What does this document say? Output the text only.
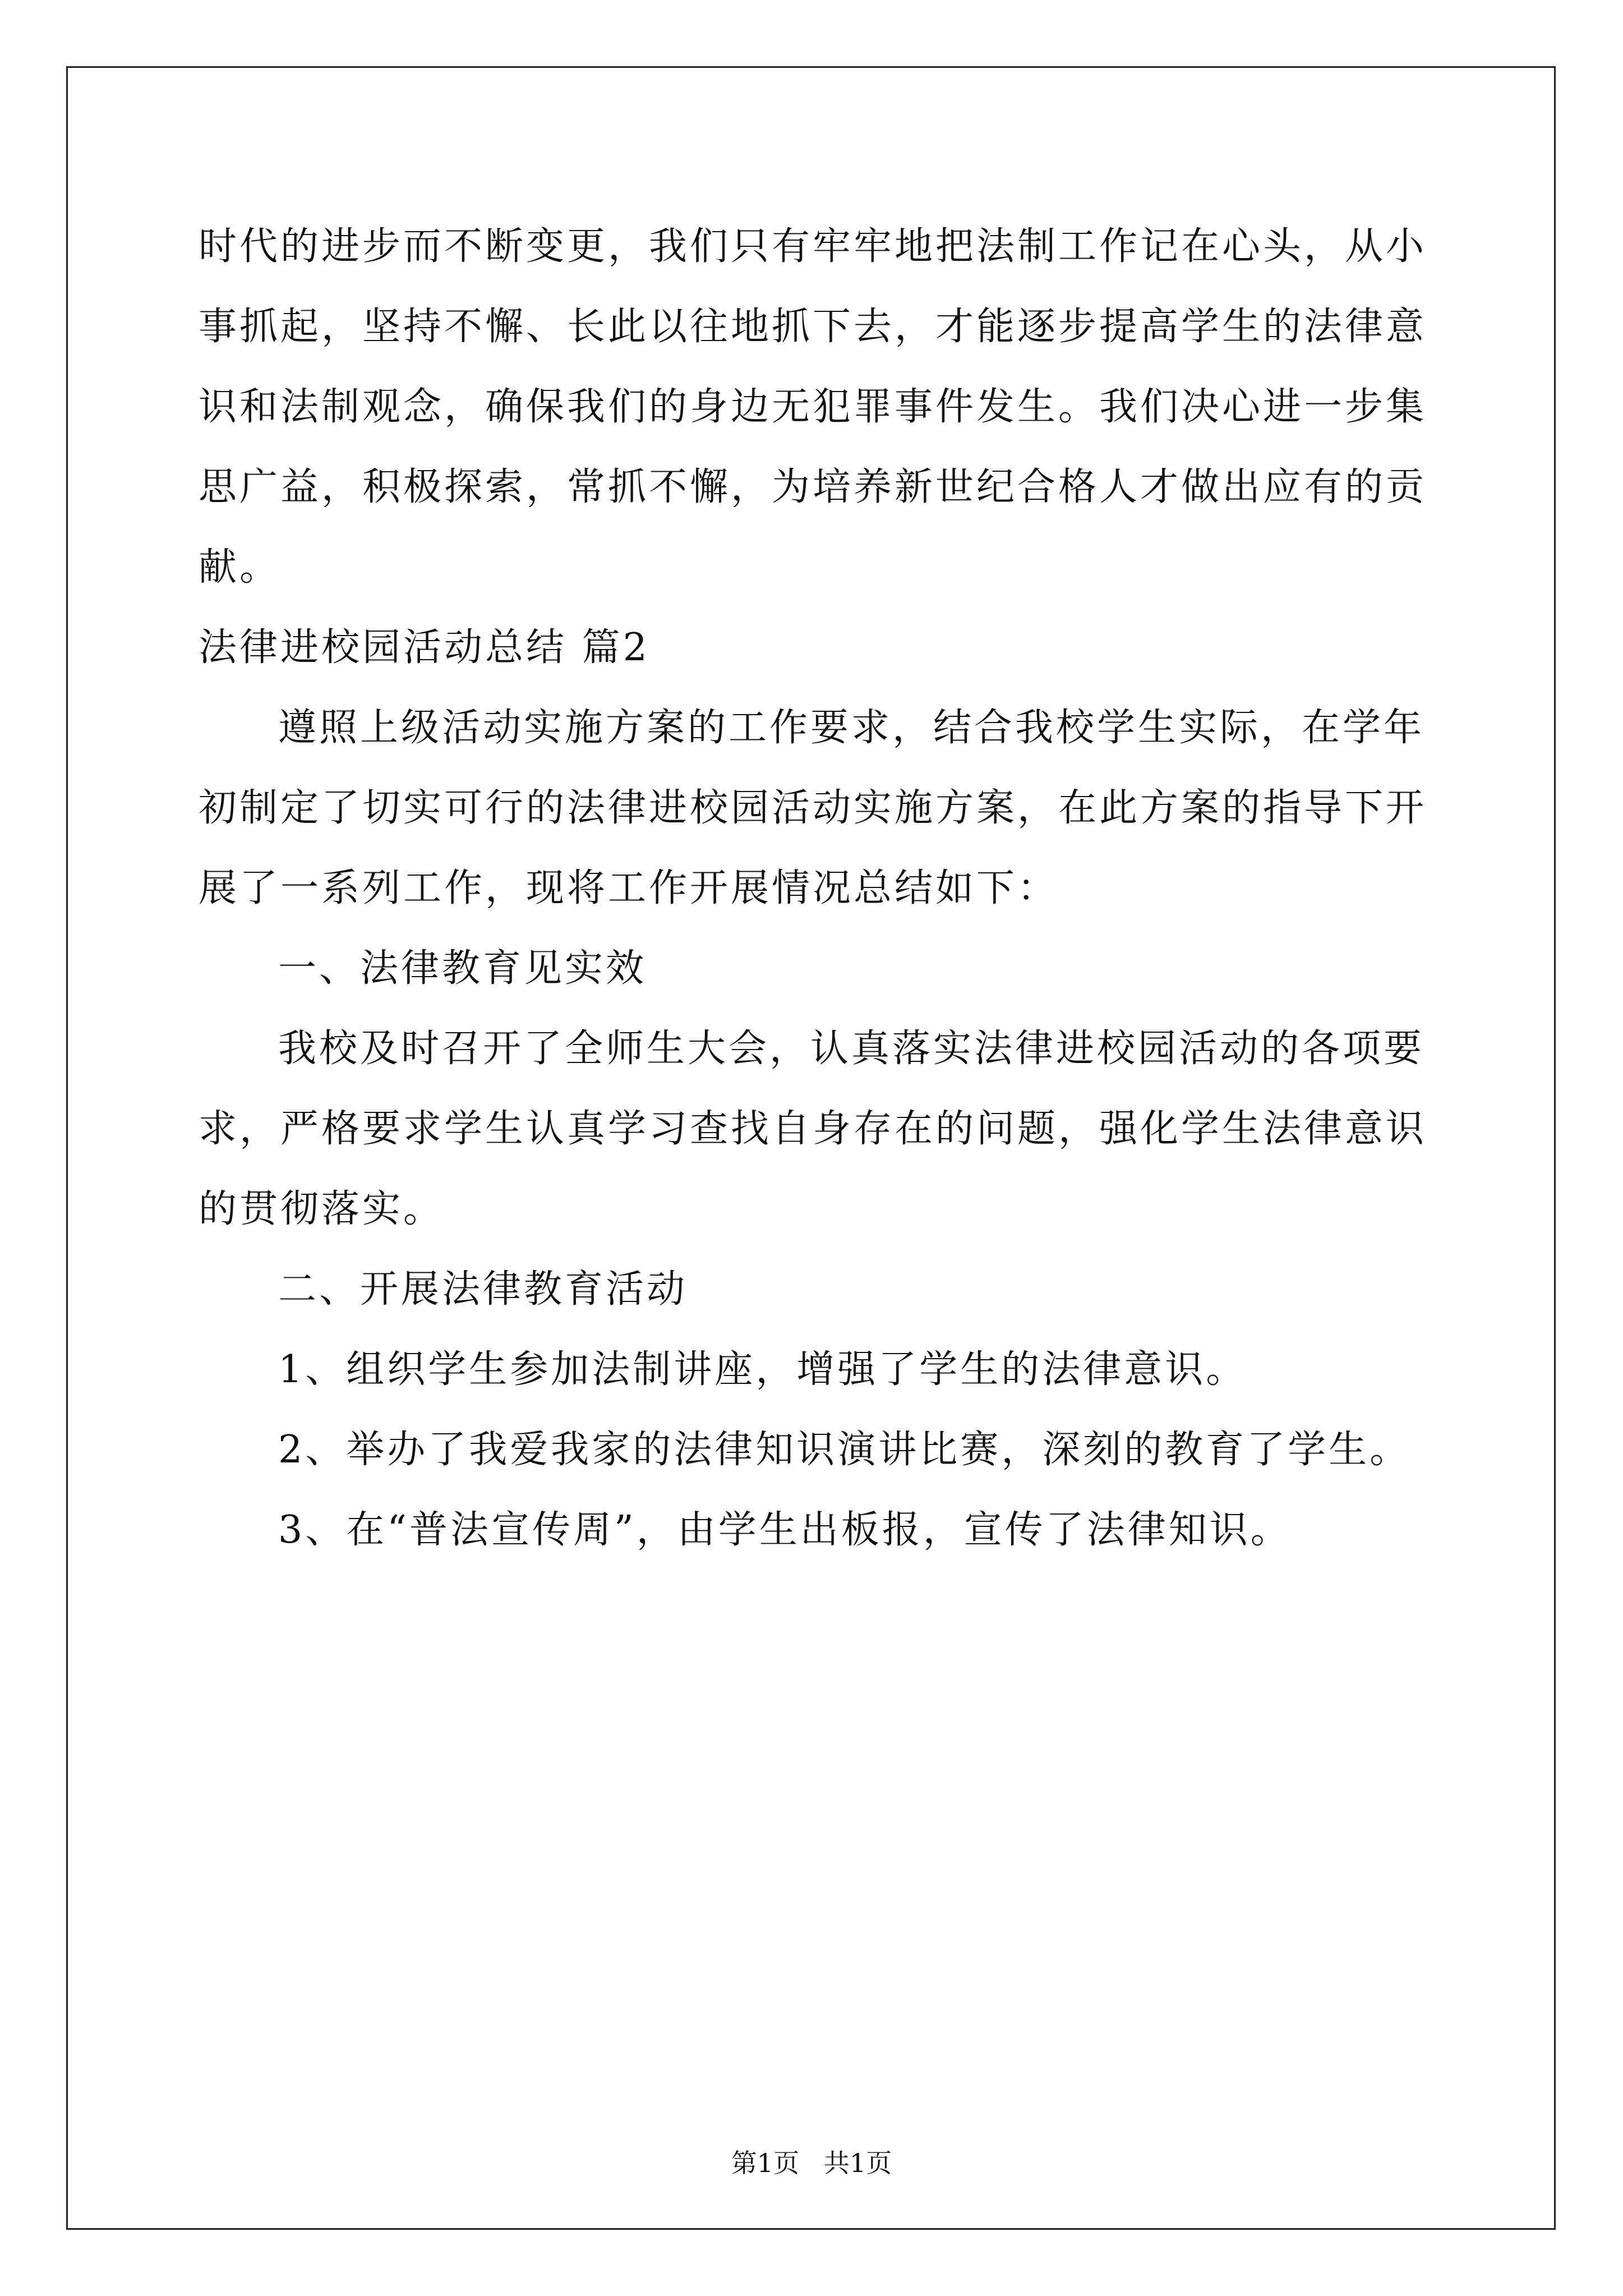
时代的进步而不断变更，我们只有牢牢地把法制工作记在心头，从小
事抓起，坚持不懈、长此以往地抓下去，才能逐步提高学生的法律意
识和法制观念，确保我们的身边无犯罪事件发生。我们决心进一步集
思广益，积极探索，常抓不懈，为培养新世纪合格人才做出应有的贡
献。
法律进校园活动总结 篇2
遵照上级活动实施方案的工作要求，结合我校学生实际，在学年
初制定了切实可行的法律进校园活动实施方案，在此方案的指导下开
展了一系列工作，现将工作开展情况总结如下：
一、法律教育见实效
我校及时召开了全师生大会，认真落实法律进校园活动的各项要
求，严格要求学生认真学习查找自身存在的问题，强化学生法律意识
的贯彻落实。
二、开展法律教育活动
1、组织学生参加法制讲座，增强了学生的法律意识。
2、举办了我爱我家的法律知识演讲比赛，深刻的教育了学生。
3、在“普法宣传周”，由学生出板报，宣传了法律知识。
第1页   共1页
